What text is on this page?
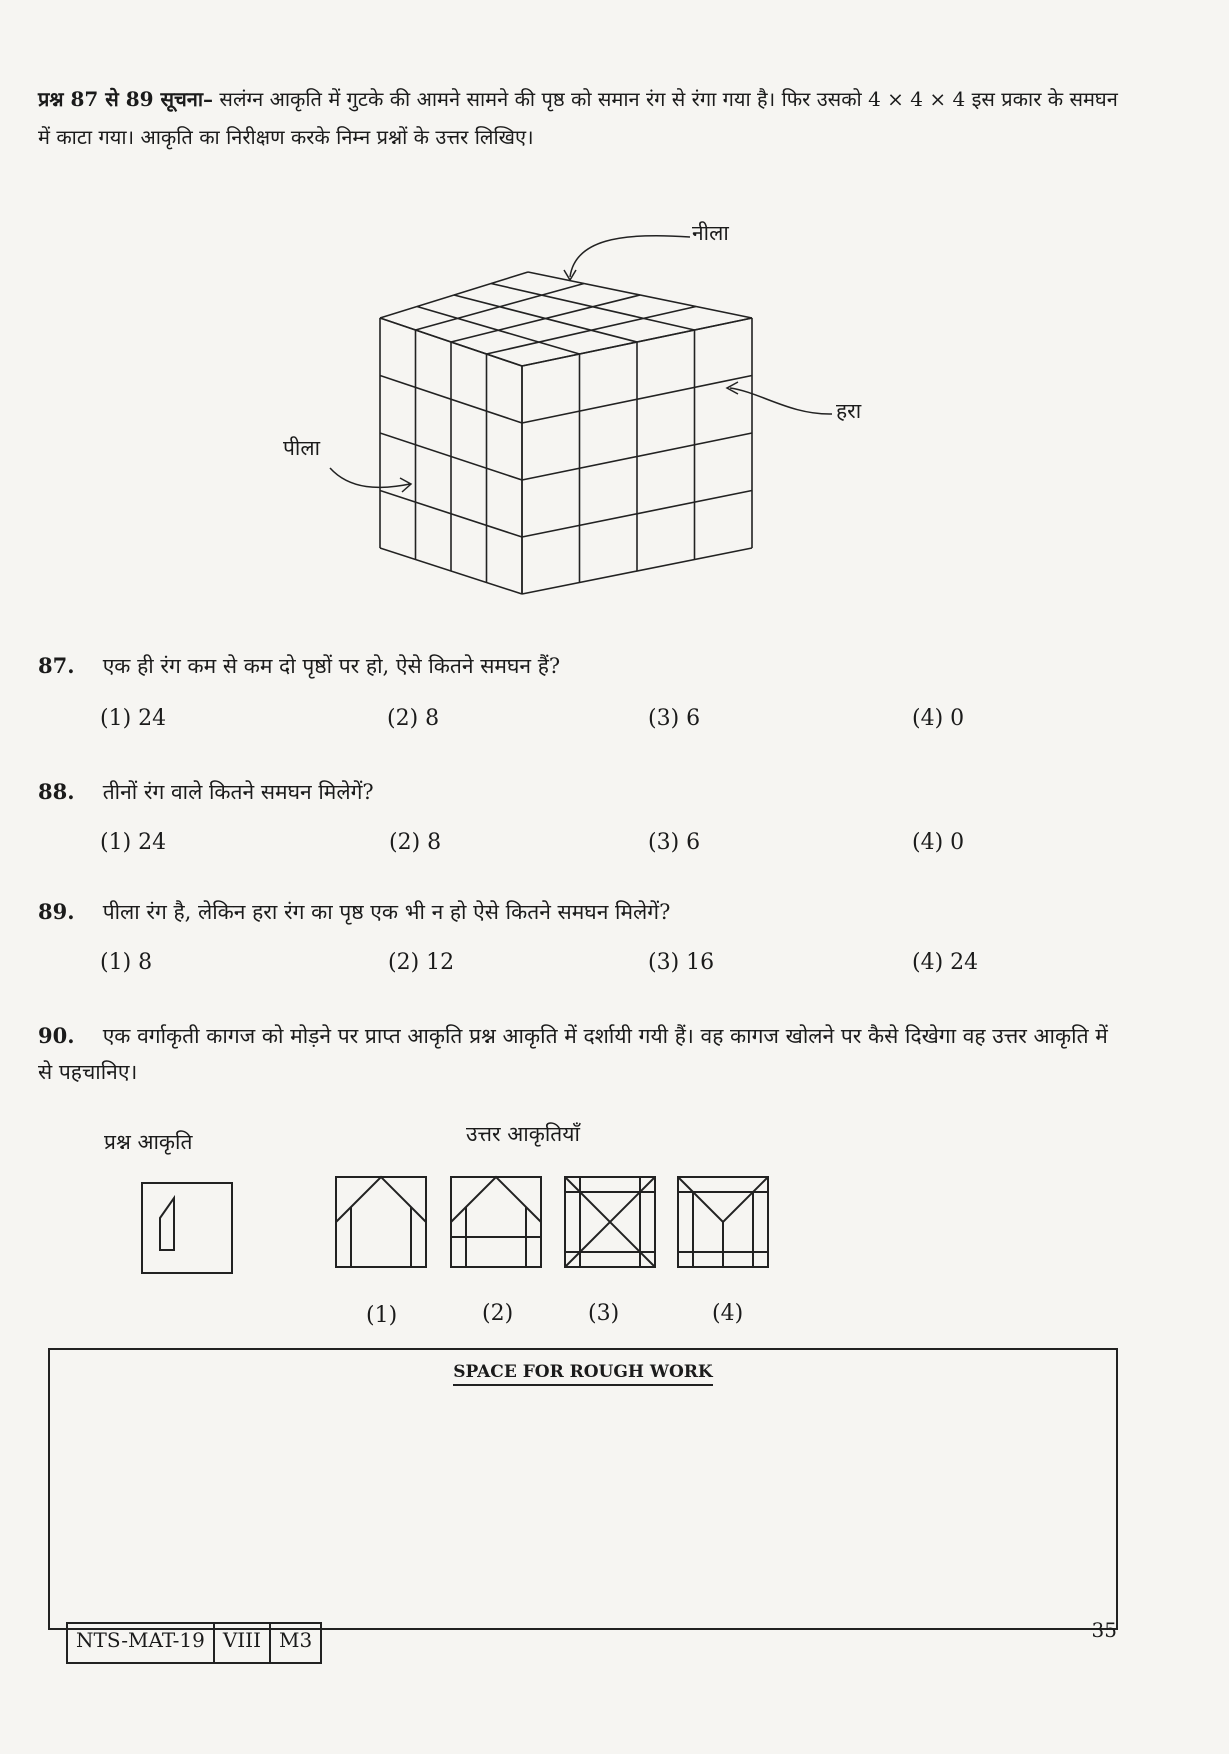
प्रश्न 87 से 89 सूचना– सलंग्न आकृति में गुटके की आमने सामने की पृष्ठ को समान रंग से रंगा गया है। फिर उसको 4 × 4 × 4 इस प्रकार के समघन में काटा गया। आकृति का निरीक्षण करके निम्न प्रश्नों के उत्तर लिखिए।
नीला
हरा
पीला
87. एक ही रंग कम से कम दो पृष्ठों पर हो, ऐसे कितने समघन हैं?
(1) 24	(2) 8	(3) 6	(4) 0
88. तीनों रंग वाले कितने समघन मिलेगें?
(1) 24	(2) 8	(3) 6	(4) 0
89. पीला रंग है, लेकिन हरा रंग का पृष्ठ एक भी न हो ऐसे कितने समघन मिलेगें?
(1) 8	(2) 12	(3) 16	(4) 24
90. एक वर्गाकृती कागज को मोड़ने पर प्राप्त आकृति प्रश्न आकृति में दर्शायी गयी हैं। वह कागज खोलने पर कैसे दिखेगा वह उत्तर आकृति में से पहचानिए।
प्रश्न आकृति	उत्तर आकृतियाँ
(1)	(2)	(3)	(4)
SPACE FOR ROUGH WORK
NTS-MAT-19 VIII M3	35
